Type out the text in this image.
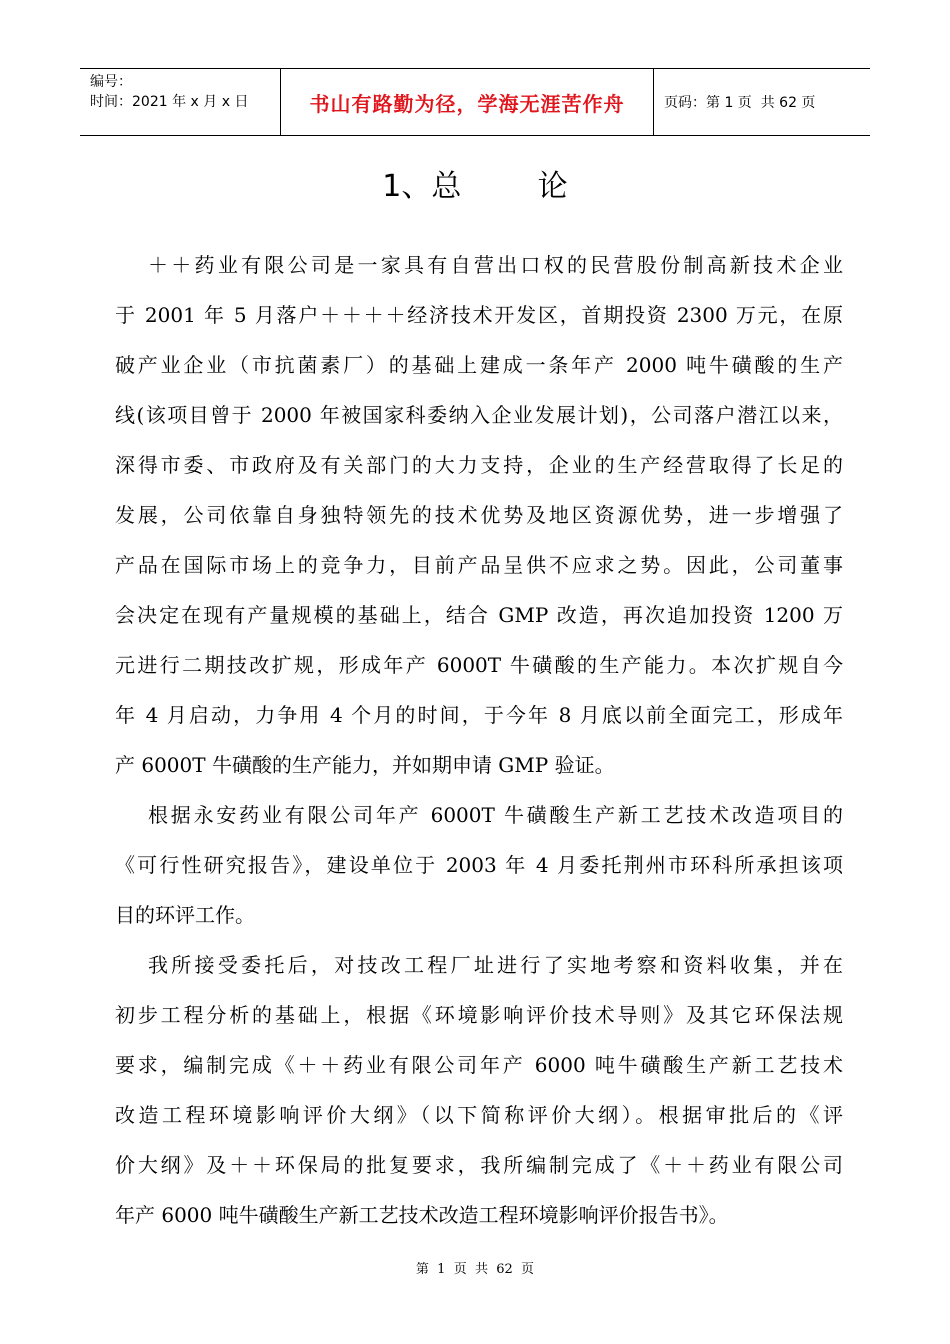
编号：
时间：2021 年 x 月 x 日	书山有路勤为径，学海无涯苦作舟	页码：第 1 页  共 62 页
1、总        论
＋＋药业有限公司是一家具有自营出口权的民营股份制高新技术企业
于 2001 年 5 月落户＋＋＋＋经济技术开发区，首期投资 2300 万元，在原
破产业企业（市抗菌素厂）的基础上建成一条年产 2000 吨牛磺酸的生产
线(该项目曾于 2000 年被国家科委纳入企业发展计划)，公司落户潜江以来，
深得市委、市政府及有关部门的大力支持，企业的生产经营取得了长足的
发展，公司依靠自身独特领先的技术优势及地区资源优势，进一步增强了
产品在国际市场上的竞争力，目前产品呈供不应求之势。因此，公司董事
会决定在现有产量规模的基础上，结合 GMP 改造，再次追加投资 1200 万
元进行二期技改扩规，形成年产 6000T 牛磺酸的生产能力。本次扩规自今
年 4 月启动，力争用 4 个月的时间，于今年 8 月底以前全面完工，形成年
产 6000T 牛磺酸的生产能力，并如期申请 GMP 验证。
根据永安药业有限公司年产 6000T 牛磺酸生产新工艺技术改造项目的
《可行性研究报告》，建设单位于 2003 年 4 月委托荆州市环科所承担该项
目的环评工作。
我所接受委托后，对技改工程厂址进行了实地考察和资料收集，并在
初步工程分析的基础上，根据《环境影响评价技术导则》及其它环保法规
要求，编制完成《＋＋药业有限公司年产 6000 吨牛磺酸生产新工艺技术
改造工程环境影响评价大纲》（以下简称评价大纲）。根据审批后的《评
价大纲》及＋＋环保局的批复要求，我所编制完成了《＋＋药业有限公司
年产 6000 吨牛磺酸生产新工艺技术改造工程环境影响评价报告书》。
第  1  页  共  62  页
